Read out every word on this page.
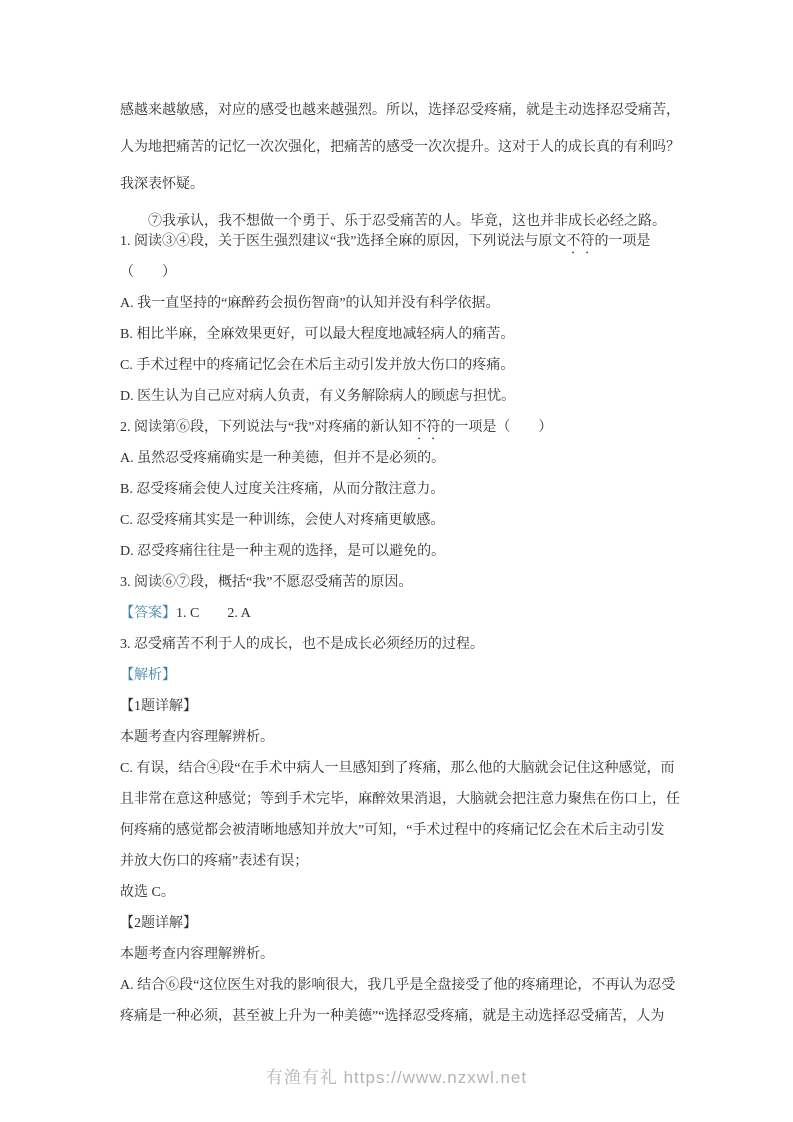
感越来越敏感，对应的感受也越来越强烈。所以，选择忍受疼痛，就是主动选择忍受痛苦，

人为地把痛苦的记忆一次次强化，把痛苦的感受一次次提升。这对于人的成长真的有利吗？

我深表怀疑。

⑦我承认，我不想做一个勇于、乐于忍受痛苦的人。毕竟，这也并非成长必经之路。

1. 阅读③④段，关于医生强烈建议“我”选择全麻的原因，下列说法与原文不符的一项是

（　　）

A. 我一直坚持的“麻醉药会损伤智商”的认知并没有科学依据。

B. 相比半麻，全麻效果更好，可以最大程度地减轻病人的痛苦。

C. 手术过程中的疼痛记忆会在术后主动引发并放大伤口的疼痛。

D. 医生认为自己应对病人负责，有义务解除病人的顾虑与担忧。

2. 阅读第⑥段，下列说法与“我”对疼痛的新认知不符的一项是（　　）

A. 虽然忍受疼痛确实是一种美德，但并不是必须的。

B. 忍受疼痛会使人过度关注疼痛，从而分散注意力。

C. 忍受疼痛其实是一种训练，会使人对疼痛更敏感。

D. 忍受疼痛往往是一种主观的选择，是可以避免的。

3. 阅读⑥⑦段，概括“我”不愿忍受痛苦的原因。

【答案】1. C　　2. A

3. 忍受痛苦不利于人的成长，也不是成长必须经历的过程。

【解析】

【1题详解】

本题考查内容理解辨析。

C. 有误，结合④段“在手术中病人一旦感知到了疼痛，那么他的大脑就会记住这种感觉，而

且非常在意这种感觉；等到手术完毕，麻醉效果消退，大脑就会把注意力聚焦在伤口上，任

何疼痛的感觉都会被清晰地感知并放大”可知，“手术过程中的疼痛记忆会在术后主动引发

并放大伤口的疼痛”表述有误；

故选 C。

【2题详解】

本题考查内容理解辨析。

A. 结合⑥段“这位医生对我的影响很大，我几乎是全盘接受了他的疼痛理论，不再认为忍受

疼痛是一种必须，甚至被上升为一种美德”“选择忍受疼痛，就是主动选择忍受痛苦，人为

有渔有礼 https://www.nzxwl.net
